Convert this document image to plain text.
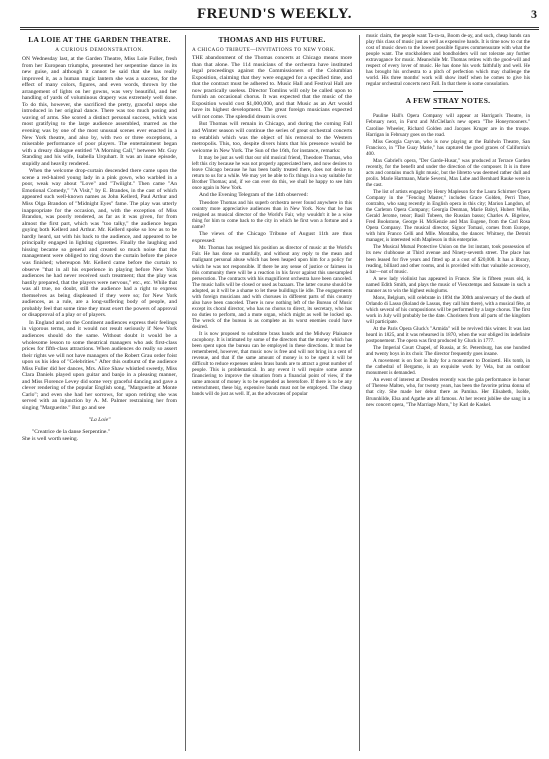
FREUND'S WEEKLY.	3
LA LOIE AT THE GARDEN THEATRE.
A CURIOUS DEMONSTRATION.

ON Wednesday last, at the Garden Theatre, Miss Loie Fuller, fresh from her European triumphs, presented her serpentine dance in its new guise, and although it cannot be said that she has really improved it, as a human magic lantern she was a success, for the effect of many colors, figures, and even words, thrown by the arrangement of lights on her gowns, was very beautiful, and her handling of yards of voluminous drapery was extremely well done. To do this, however, she sacrificed the pretty, graceful steps she introduced in her original dance. There was too much posing and waving of arms. She scored a distinct personal success, which was most gratifying to the large audience assembled, marred as the evening was by one of the most unusual scenes ever enacted in a New York theatre, and also by, with two or three exceptions, a miserable performance of poor players. The entertainment began with a dreary dialogue entitled "A Morning Call," between Mr. Guy Standing and his wife, Isabella Urquhart. It was an inane episode, stupidly and heavily rendered.

When the welcome drop-curtain descended there came upon the scene a red-haired young lady in a pink gown, who warbled in a poor, weak way about "Love" and "Twilight." Then came "An Emotional Comedy," "A Visit," by E. Brandes, in the cast of which appeared such well-known names as John Kellerd, Paul Arthur and Miss Olga Brandon of "Midnight Eyes" fame. The play was utterly inappropriate for the occasion, and, with the exception of Miss Brandon, was poorly rendered, as far as it was given, for from almost the first part, which was "too talky," the audience began guying both Kellerd and Arthur. Mr. Kellerd spoke so low as to be hardly heard, sat with his back to the audience, and appeared to be principally engaged in lighting cigarettes. Finally the laughing and hissing became so general and created so much noise that the management were obliged to ring down the curtain before the piece was finished; whereupon Mr. Kellerd came before the curtain to observe "that in all his experience in playing before New York audiences he had never received such treatment; that the play was hastily prepared, that the players were nervous," etc., etc. While that was all true, no doubt, still the audience had a right to express themselves as being displeased if they were so; for New York audiences, as a rule, are a long-suffering body of people, and probably feel that some time they must exert the powers of approval or disapproval of a play or of players.

In England and on the Continent audiences express their feelings in vigorous terms, and it would not result seriously if New York audiences should do the same. Without doubt it would be a wholesome lesson to some theatrical managers who ask first-class prices for fifth-class attractions. When audiences do really so assert their rights we will not have managers of the Robert Grau order foist upon us his idea of "Celebrities." After this outburst of the audience Miss Fuller did her dances, Mrs. Alice Shaw whistled sweetly, Miss Clara Daniels played upon guitar and banjo in a pleasing manner, and Miss Florence Levey did some very graceful dancing and gave a clever rendering of the popular English song, "Marguerite at Monte Carlo"; and even she had her sorrows, for upon retiring she was served with an injunction by A. M. Palmer restraining her from singing "Marguerite." But go and see

"La Loie"

"Creatrice de la danse Serpentine."

She is well worth seeing.

THOMAS AND HIS FUTURE.
A CHICAGO TRIBUTE—INVITATIONS TO NEW YORK.

THE abandonment of the Thomas concerts at Chicago means more than that alone. The 114 musicians of the orchestra have instituted legal proceedings against the Commissioners of the Columbian Exposition, claiming that they were engaged for a specified time, and that the contract must be adhered to. Music Hall and Festival Hall are now practically useless. Director Tomlins will only be called upon to furnish an occasional chorus. It was expected that the music of the Exposition would cost $1,000,000, and that Music as an Art would have its highest development. The great foreign musicians expected will not come. The splendid dream is over.

But Thomas will remain in Chicago, and during the coming Fall and Winter season will continue the series of great orchestral concerts to establish which was the object of his removal to the Western metropolis. This, too, despite divers hints that his presence would be welcome in New York. The Sun of the 16th, for instance, remarks:

It may be just as well that our old musical friend, Theodore Thomas, who left this city because he was not properly appreciated here, and now desires to leave Chicago because he has been badly treated there, does not desire to return to us for a while. We may yet be able to fix things in a way suitable for Brother Thomas; and, if we can ever do this, we shall be happy to see him once again in New York.

And the Evening Telegram of the 14th observed:

Theodore Thomas and his superb orchestra never found anywhere in this country more appreciative audiences than in New York. Now that he has resigned as musical director of the World's Fair, why wouldn't it be a wise thing for him to come back to the city in which he first won a fortune and a name?

The views of the Chicago Tribune of August 11th are thus expressed:

Mr. Thomas has resigned his position as director of music at the World's Fair. He has done so manfully, and without any reply to the mean and malignant personal abuse which has been heaped upon him for a policy for which he was not responsible. If there be any sense of justice or fairness in this community there will be a reaction in his favor against this unexampled persecution. The contracts with his magnificent orchestra have been canceled. The music halls will be closed or used as bazaars. The latter course should be adopted, as it will be a shame to let these buildings lie idle. The engagements with foreign musicians and with choruses in different parts of this country also have been canceled. There is now nothing left of the Bureau of Music except its choral director, who has no chorus to direct, its secretary, who has no duties to perform, and a mute organ, which might as well be locked up. The wreck of the bureau is as complete as its worst enemies could have desired.

It is now proposed to substitute brass bands and the Midway Plaisance cacophony. It is intimated by some of the directors that the money which has been spent upon the bureau can be employed in these directions. It must be remembered, however, that music now is free and will not bring in a cent of revenue, and that if the same amount of money is to be spent it will be difficult to reduce expenses unless brass bands are to attract a great number of people. This is problematical. In any event it will require some astute financiering to improve the situation from a financial point of view, if the same amount of money is to be expended as heretofore. If there is to be any retrenchment, these big, expensive bands must not be employed. The cheap bands will do just as well. If, as the advocates of popular

music claim, the people want Ta-ra-ra, Boom de-ay, and such, cheap bands can play this class of music just as well as expensive bands. It is time now to cut the cost of music down to the lowest possible figures commensurate with what the people want. The stockholders and bondholders will not tolerate any further extravagance for music. Meanwhile Mr. Thomas retires with the good-will and respect of every lover of music. He has done his work faithfully and well. He has brought his orchestra to a pitch of perfection which may challenge the world. His three months' work will show itself when he comes to give his regular orchestral concerts next Fall. In that there is some consolation.

A FEW STRAY NOTES.

Pauline Hall's Opera Company will appear at Harrigan's Theatre, in February next, in Furst and McClellan's new opera "The Honeymooners." Caroline Wheeler, Richard Golden and Jacques Kruger are in the troupe. Harrigan in February goes on the road.

Miss Georgia Cayvan, who is now playing at the Baldwin Theatre, San Francisco, in "The Guay Marie," has captured the good graces of California's 400.

Max Gabriel's opera, "Der Garde-Husar," was produced at Terrace Garden recently, for the benefit and under the direction of the composer. It is in three acts and contains much light music, but the libretto was deemed rather dull and prolix. Marie Hartmann, Marie Severni, Max Lube and Bernhard Rauke were in the cast.

The list of artists engaged by Henry Mapleson for the Laura Schirmer Opera Company in the "Fencing Master," includes Grace Golden, Perri Thoe, contralto, who sang recently in English opera in this city; Marion Langdon, of the Carleton Opera Company; Georgia Denman, Marie Babyl, Hubert Wilke, Gerald Jerome, tenor; Basil Tobeen, the Russian basso; Charles A. Bigelow, Fred Bookstone, George H. McKenzie and Max Eugene, from the Carl Rosa Opera Company. The musical director, Signor Tomasi, comes from Europe, with him Franco Celli and Mlle. Montalba, the dancer. Whitney, the Detroit manager, is interested with Mapleson in this enterprise.

The Musical Mutual Protective Union on the 1st instant, took possession of its new clubhouse at Third avenue and Ninety-seventh street. The place has been leased for five years and fitted up at a cost of $20,000. It has a library, reading, billiard and other rooms, and is provided with that valuable accessory, a bar—not of music.

A new lady violinist has appeared in France. She is fifteen years old, is named Edith Smith, and plays the music of Vieuxtemps and Sarasate in such a manner as to win the highest eulogiums.

Mons, Belgium, will celebrate in 1894 the 300th anniversary of the death of Orlando di Lasso (Roland de Lassus, they call him there), with a musical fête, at which several of his compositions will be performed by a large chorus. The first work in July will probably be the date. Choristers from all parts of the kingdom will participate.

At the Paris Opera Gluck's "Armida" will be revived this winter. It was last heard in 1825, and it was rehearsed in 1870, when the war obliged its indefinite postponement. The opera was first produced by Gluck in 1777.

The Imperial Court Chapel, of Russia, at St. Petersburg, has one hundred and twenty boys in its choir. The director frequently goes insane.

A movement is on foot in Italy for a monument to Donizetti. His tomb, in the cathedral of Bergamo, is an exquisite work by Vela, but an outdoor monument is demanded.

An event of interest at Dresden recently was the gala performance in honor of Therese Malten, who, for twenty years, has been the favorite prima donna of that city. She made her debut there as Pamina. Her Elisabeth, Isolde, Brunnhilde, Elsa and Agathe are all famous. At her recent jubilee she sang in a new concert opera, "The Marriage Morn," by Karl de Kaskel.
